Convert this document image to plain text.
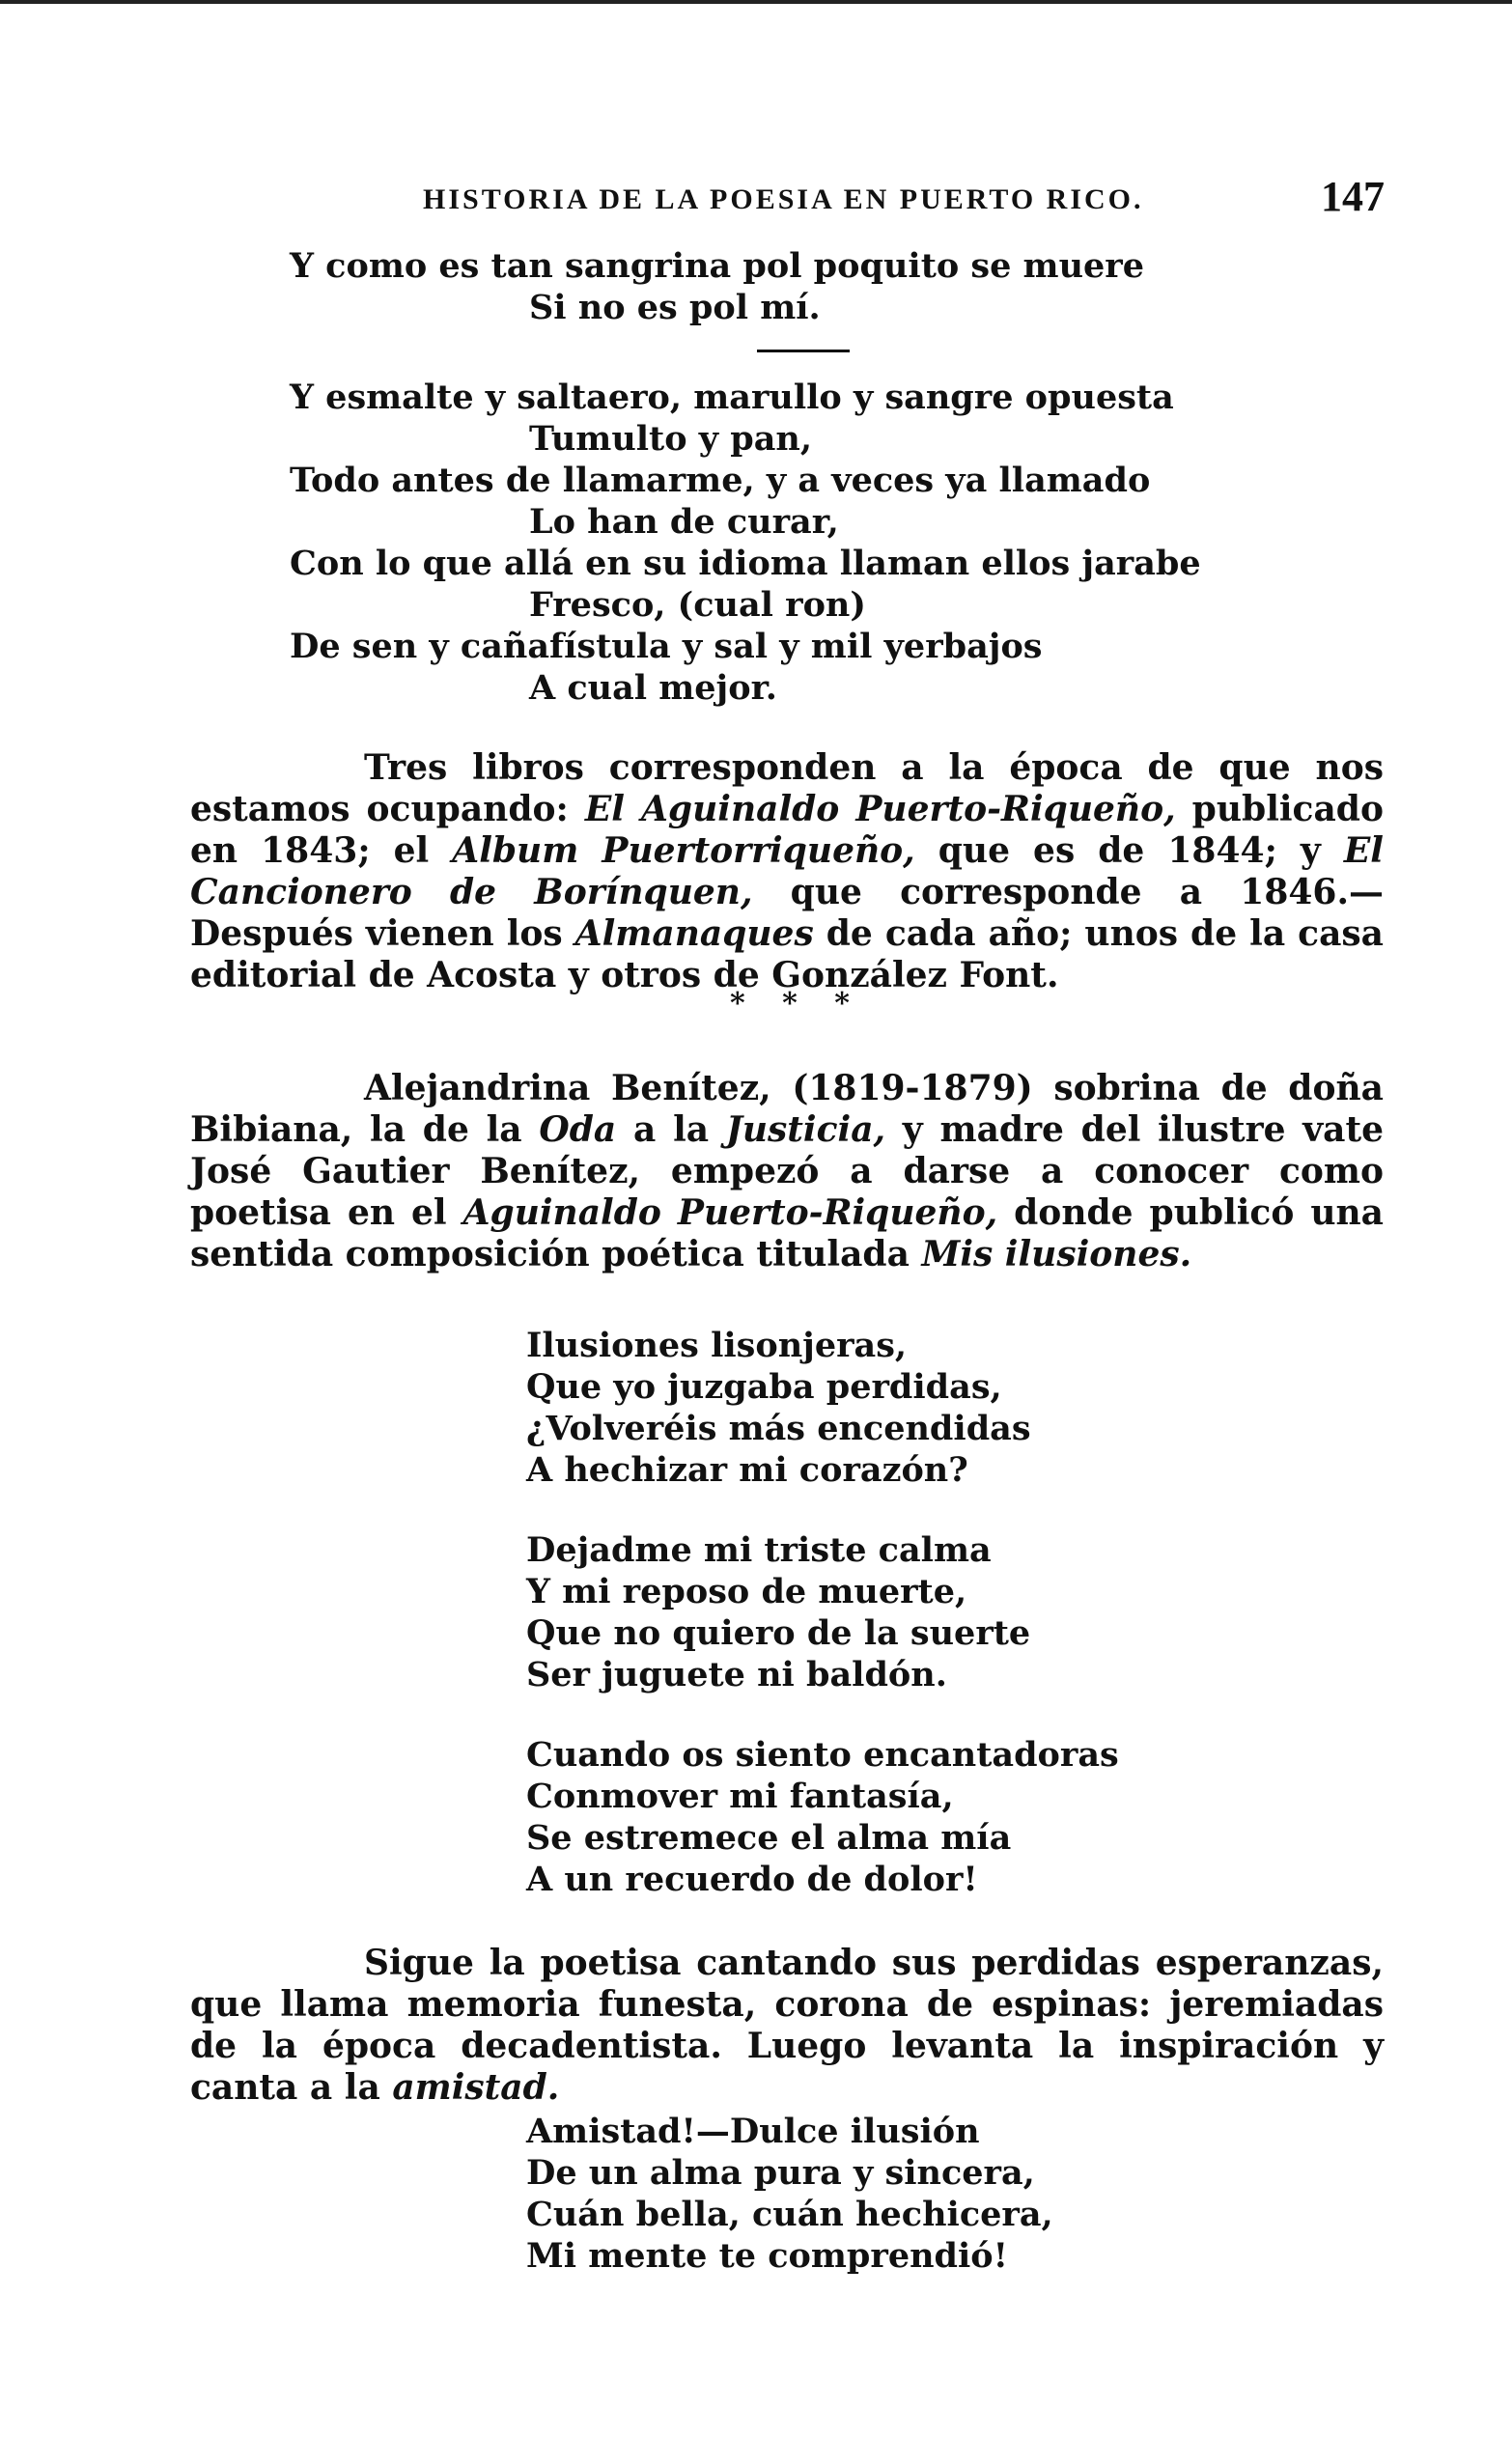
HISTORIA DE LA POESIA EN PUERTO RICO.	147
Y como es tan sangrina pol poquito se muere
Si no es pol mí.
Y esmalte y saltaero, marullo y sangre opuesta
Tumulto y pan,
Todo antes de llamarme, y a veces ya llamado
Lo han de curar,
Con lo que allá en su idioma llaman ellos jarabe
Fresco, (cual ron)
De sen y cañafístula y sal y mil yerbajos
A cual mejor.

Tres libros corresponden a la época de que nos estamos ocupando: El Aguinaldo Puerto-Riqueño, publicado en 1843; el Album Puertorriqueño, que es de 1844; y El Cancionero de Borínquen, que corresponde a 1846.—Después vienen los Almanaques de cada año; unos de la casa editorial de Acosta y otros de González Font.

* * *

Alejandrina Benítez, (1819-1879) sobrina de doña Bibiana, la de la Oda a la Justicia, y madre del ilustre vate José Gautier Benítez, empezó a darse a conocer como poetisa en el Aguinaldo Puerto-Riqueño, donde publicó una sentida composición poética titulada Mis ilusiones.

Ilusiones lisonjeras,
Que yo juzgaba perdidas,
¿Volveréis más encendidas
A hechizar mi corazón?
Dejadme mi triste calma
Y mi reposo de muerte,
Que no quiero de la suerte
Ser juguete ni baldón.
Cuando os siento encantadoras
Conmover mi fantasía,
Se estremece el alma mía
A un recuerdo de dolor!

Sigue la poetisa cantando sus perdidas esperanzas, que llama memoria funesta, corona de espinas: jeremiadas de la época decadentista. Luego levanta la inspiración y canta a la amistad.

Amistad!—Dulce ilusión
De un alma pura y sincera,
Cuán bella, cuán hechicera,
Mi mente te comprendió!
